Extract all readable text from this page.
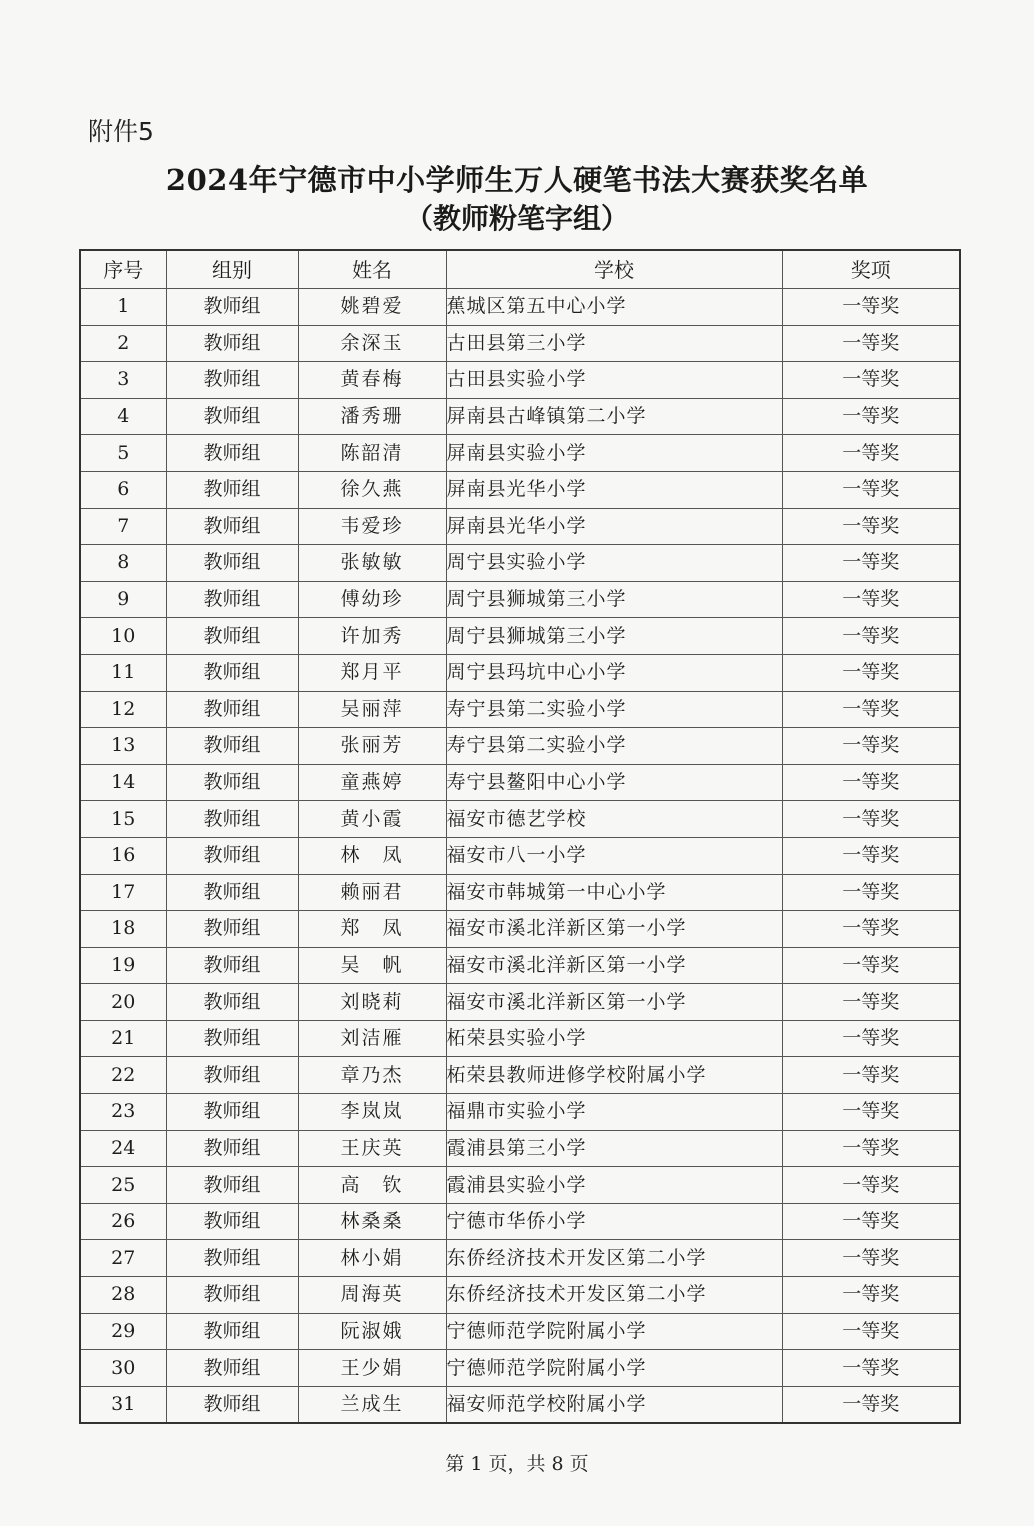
附件5
2024年宁德市中小学师生万人硬笔书法大赛获奖名单
（教师粉笔字组）
序号	组别	姓名	学校	奖项
1	教师组	姚碧爱	蕉城区第五中心小学	一等奖
2	教师组	余深玉	古田县第三小学	一等奖
3	教师组	黄春梅	古田县实验小学	一等奖
4	教师组	潘秀珊	屏南县古峰镇第二小学	一等奖
5	教师组	陈韶清	屏南县实验小学	一等奖
6	教师组	徐久燕	屏南县光华小学	一等奖
7	教师组	韦爱珍	屏南县光华小学	一等奖
8	教师组	张敏敏	周宁县实验小学	一等奖
9	教师组	傅幼珍	周宁县狮城第三小学	一等奖
10	教师组	许加秀	周宁县狮城第三小学	一等奖
11	教师组	郑月平	周宁县玛坑中心小学	一等奖
12	教师组	吴丽萍	寿宁县第二实验小学	一等奖
13	教师组	张丽芳	寿宁县第二实验小学	一等奖
14	教师组	童燕婷	寿宁县鳌阳中心小学	一等奖
15	教师组	黄小霞	福安市德艺学校	一等奖
16	教师组	林　凤	福安市八一小学	一等奖
17	教师组	赖丽君	福安市韩城第一中心小学	一等奖
18	教师组	郑　凤	福安市溪北洋新区第一小学	一等奖
19	教师组	吴　帆	福安市溪北洋新区第一小学	一等奖
20	教师组	刘晓莉	福安市溪北洋新区第一小学	一等奖
21	教师组	刘洁雁	柘荣县实验小学	一等奖
22	教师组	章乃杰	柘荣县教师进修学校附属小学	一等奖
23	教师组	李岚岚	福鼎市实验小学	一等奖
24	教师组	王庆英	霞浦县第三小学	一等奖
25	教师组	高　钦	霞浦县实验小学	一等奖
26	教师组	林桑桑	宁德市华侨小学	一等奖
27	教师组	林小娟	东侨经济技术开发区第二小学	一等奖
28	教师组	周海英	东侨经济技术开发区第二小学	一等奖
29	教师组	阮淑娥	宁德师范学院附属小学	一等奖
30	教师组	王少娟	宁德师范学院附属小学	一等奖
31	教师组	兰成生	福安师范学校附属小学	一等奖
第 1 页，共 8 页
